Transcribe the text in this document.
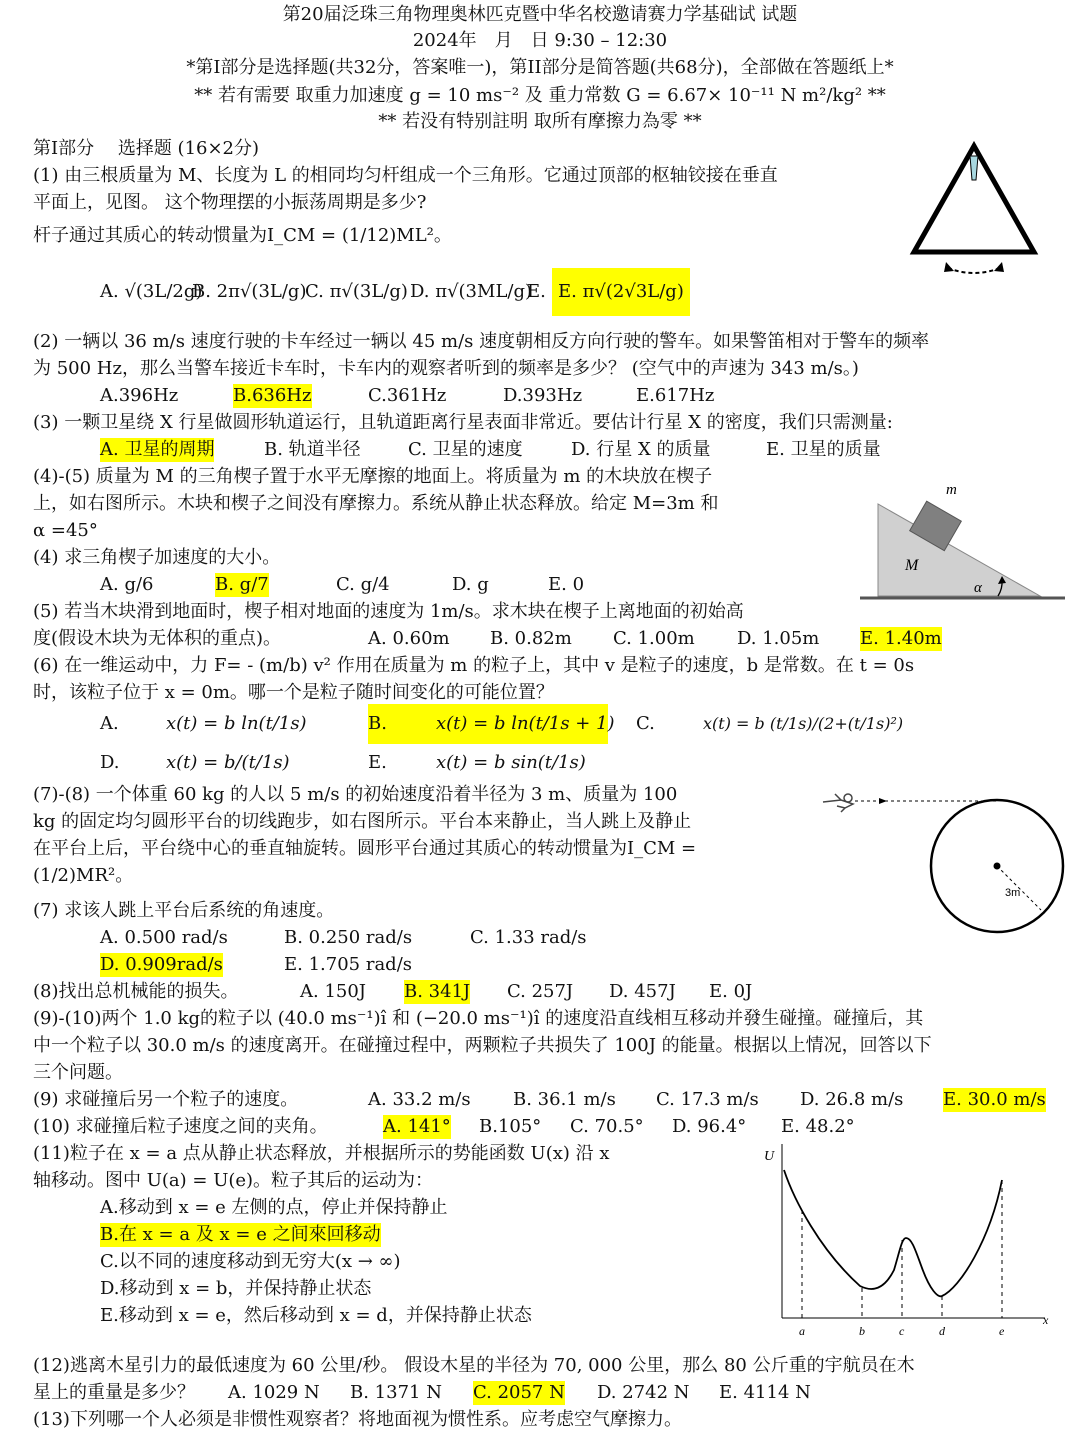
第20届泛珠三角物理奥林匹克暨中华名校邀请赛力学基础试 试题
2024年　月　日 9:30 – 12:30
*第Ⅰ部分是选择题(共32分，答案唯一)，第ⅠⅠ部分是简答题(共68分)，全部做在答题纸上*
** 若有需要 取重力加速度 g = 10 ms⁻² 及 重力常数 G = 6.67× 10⁻¹¹ N m²/kg² **
** 若没有特别註明 取所有摩擦力為零 **
第Ⅰ部分　 选择题 (16×2分)
(1) 由三根质量为 M、长度为 L 的相同均匀杆组成一个三角形。它通过顶部的枢轴铰接在垂直
平面上，见图。 这个物理摆的小振荡周期是多少?
杆子通过其质心的转动惯量为I_CM = (1/12)ML²。
A. √(3L/2g)
B. 2π√(3L/g)
C. π√(3L/g) D. π√(3ML/g)
E. E. π√(2√3L/g)
(2) 一辆以 36 m/s 速度行驶的卡车经过一辆以 45 m/s 速度朝相反方向行驶的警车。如果警笛相对于警车的频率
为 500 Hz，那么当警车接近卡车时，卡车内的观察者听到的频率是多少？ (空气中的声速为 343 m/s。)
A.396Hz	B.636Hz	C.361Hz	D.393Hz	E.617Hz
(3) 一颗卫星绕 X 行星做圆形轨道运行，且轨道距离行星表面非常近。要估计行星 X 的密度，我们只需测量:
A. 卫星的周期	B. 轨道半径	C. 卫星的速度	D. 行星 X 的质量	E. 卫星的质量
(4)-(5) 质量为 M 的三角楔子置于水平无摩擦的地面上。将质量为 m 的木块放在楔子
上，如右图所示。木块和楔子之间没有摩擦力。系统从静止状态释放。给定 M=3m 和
α =45°
m
M
α
(4) 求三角楔子加速度的大小。
A. g/6	B. g/7	C. g/4	D. g	E. 0
(5) 若当木块滑到地面时，楔子相对地面的速度为 1m/s。求木块在楔子上离地面的初始高
度(假设木块为无体积的重点)。	A. 0.60m B. 0.82m C. 1.00m D. 1.05m E. 1.40m
(6) 在一维运动中，力 F= - (m/b) v² 作用在质量为 m 的粒子上，其中 v 是粒子的速度，b 是常数。在 t = 0s
时，该粒子位于 x = 0m。哪一个是粒子随时间变化的可能位置？
A.	x(t) = b ln(t/1s)	B.	x(t) = b ln(t/1s + 1) C.	x(t) = b (t/1s)/(2+(t/1s)²)
D.	x(t) = b/(t/1s)	E.	x(t) = b sin(t/1s)
(7)-(8) 一个体重 60 kg 的人以 5 m/s 的初始速度沿着半径为 3 m、质量为 100
kg 的固定均匀圆形平台的切线跑步，如右图所示。平台本来静止，当人跳上及静止
在平台上后，平台绕中心的垂直轴旋转。圆形平台通过其质心的转动惯量为I_CM =
(1/2)MR²。
3m
(7) 求该人跳上平台后系统的角速度。
A. 0.500 rad/s	B. 0.250 rad/s	C. 1.33 rad/s
D. 0.909rad/s	E. 1.705 rad/s
(8)找出总机械能的损失。	A. 150J B. 341J C. 257J D. 457J E. 0J
(9)-(10)两个 1.0 kg的粒子以 (40.0 ms⁻¹)î 和 (−20.0 ms⁻¹)î 的速度沿直线相互移动并發生碰撞。碰撞后，其
中一个粒子以 30.0 m/s 的速度离开。在碰撞过程中，两颗粒子共损失了 100J 的能量。根据以上情况，回答以下
三个问题。
(9) 求碰撞后另一个粒子的速度。	A. 33.2 m/s B. 36.1 m/s C. 17.3 m/s D. 26.8 m/s E. 30.0 m/s
(10) 求碰撞后粒子速度之间的夹角。	A. 141° B.105° C. 70.5° D. 96.4° E. 48.2°
(11)粒子在 x = a 点从静止状态释放，并根据所示的势能函数 U(x) 沿 x
轴移动。图中 U(a) = U(e)。粒子其后的运动为：
A.移动到 x = e 左侧的点，停止并保持静止
B.在 x = a 及 x = e 之间來回移动
C.以不同的速度移动到无穷大(x → ∞)
D.移动到 x = b，并保持静止状态
E.移动到 x = e，然后移动到 x = d，并保持静止状态
U
x
a	b	c	d	e
(12)逃离木星引力的最低速度为 60 公里/秒。 假设木星的半径为 70, 000 公里，那么 80 公斤重的宇航员在木
星上的重量是多少？ A. 1029 N B. 1371 N C. 2057 N D. 2742 N E. 4114 N
(13)下列哪一个人必须是非惯性观察者？将地面视为惯性系。应考虑空气摩擦力。
